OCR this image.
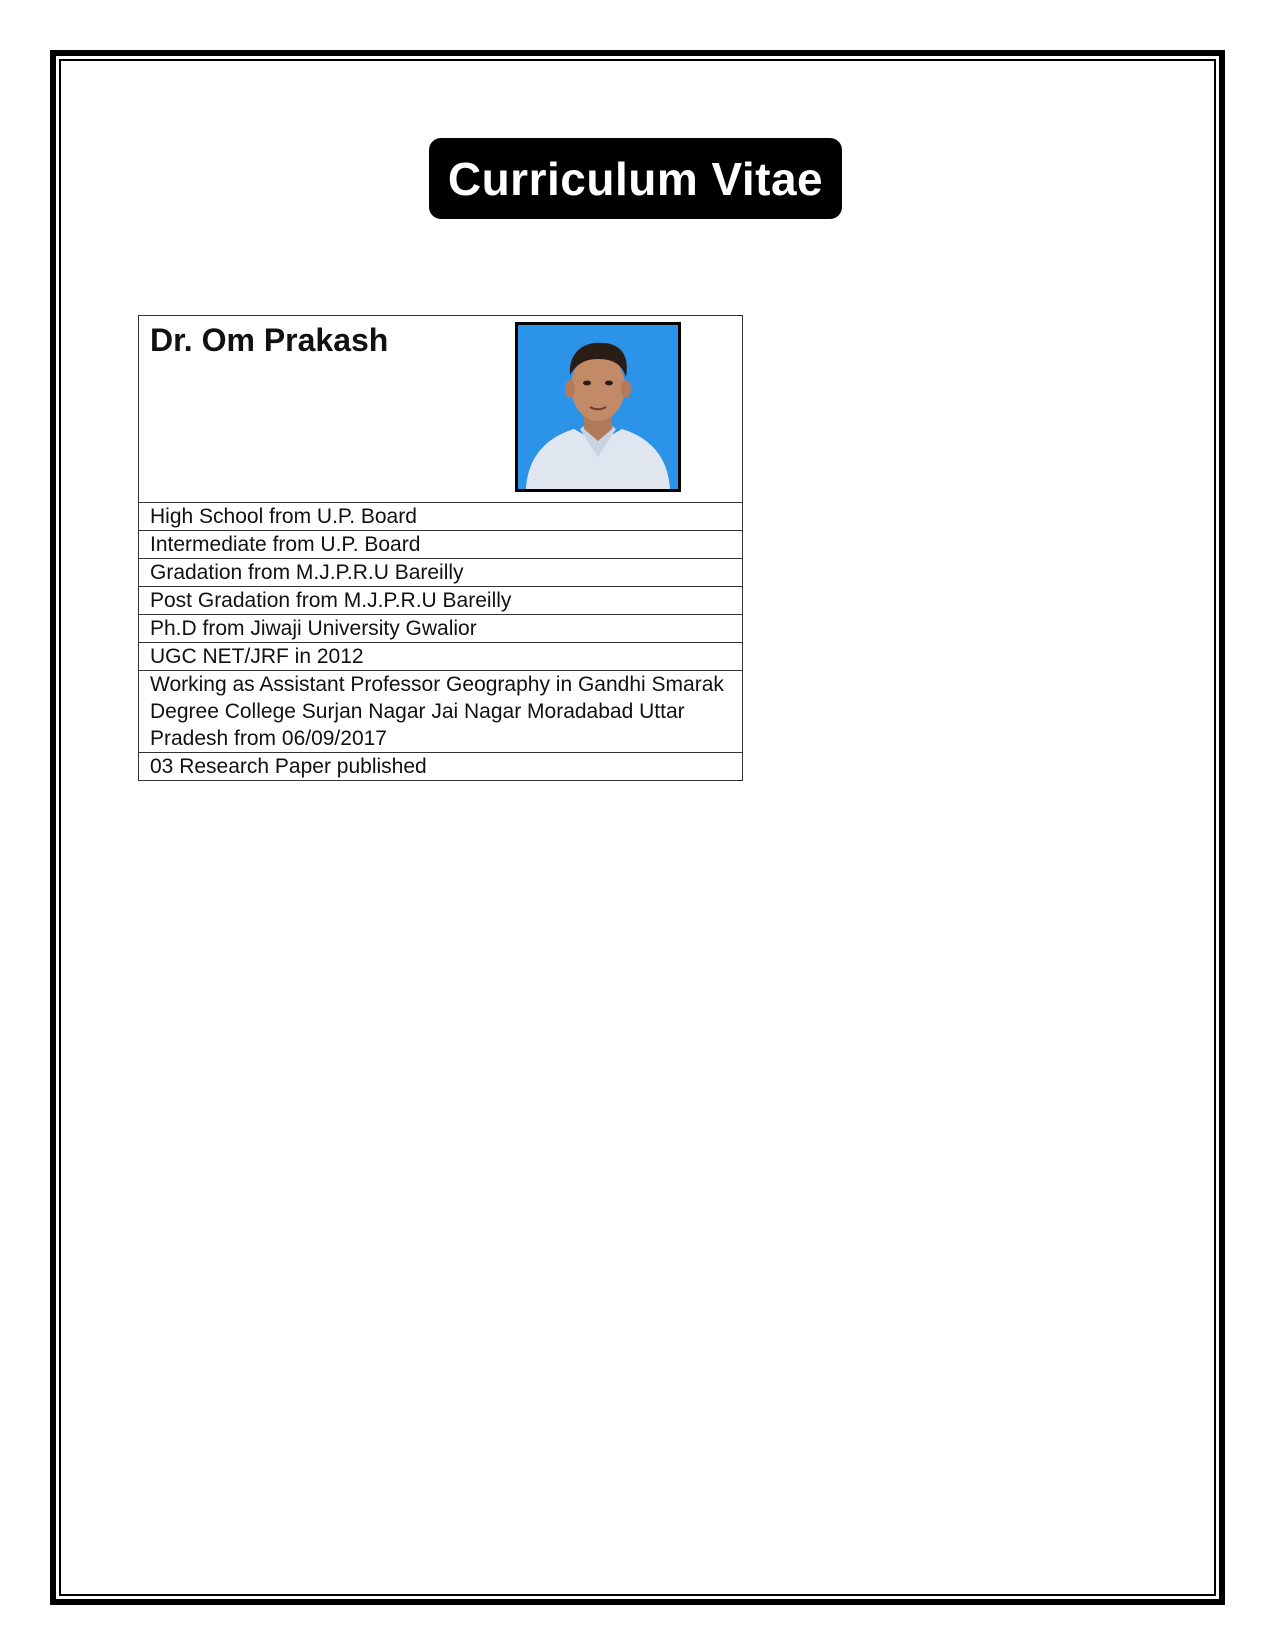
Curriculum Vitae
Dr. Om Prakash

High School from U.P. Board
Intermediate from U.P. Board
Gradation from M.J.P.R.U Bareilly
Post Gradation from M.J.P.R.U Bareilly
Ph.D from Jiwaji University Gwalior
UGC NET/JRF in 2012
Working as Assistant Professor Geography in Gandhi Smarak Degree College Surjan Nagar Jai Nagar Moradabad Uttar Pradesh from 06/09/2017
03 Research Paper published
